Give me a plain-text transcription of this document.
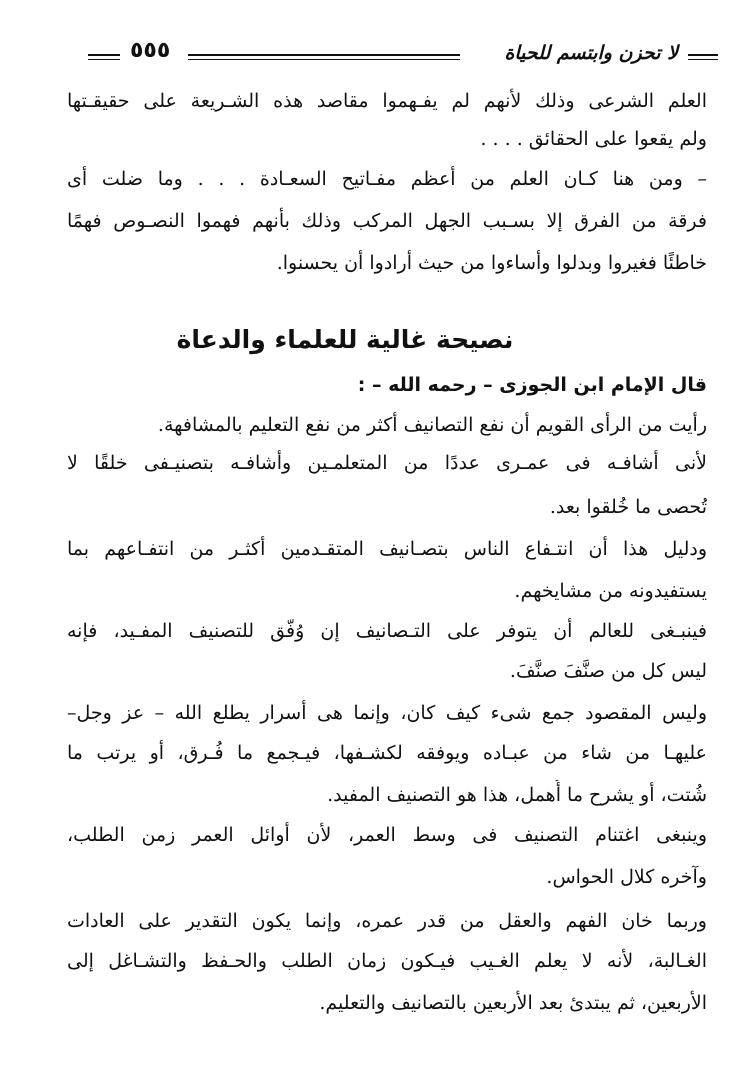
٥٥٥	لا تحزن وابتسم للحياة
العلم الشرعى وذلك لأنهم لم يفـهموا مقاصد هذه الشـريعة على حقيقـتها
ولم يقعوا على الحقائق . . . .
– ومن هنا كـان العلم من أعظم مفـاتيح السعـادة . . . وما ضلت أى
فرقة من الفرق إلا بسـبب الجهل المركب وذلك بأنهم فهموا النصـوص فهمًا
خاطئًا فغيروا وبدلوا وأساءوا من حيث أرادوا أن يحسنوا.
نصيحة غالية للعلماء والدعاة
قال الإمام ابن الجوزى – رحمه الله – :
رأيت من الرأى القويم أن نفع التصانيف أكثر من نفع التعليم بالمشافهة.
لأنى أشافـه فى عمـرى عددًا من المتعلمـين وأشافـه بتصنيـفى خلقًا لا
تُحصى ما خُلقوا بعد.
ودليل هذا أن انتـفاع الناس بتصـانيف المتقـدمين أكثـر من انتفـاعهم بما
يستفيدونه من مشايخهم.
فينبـغى للعالم أن يتوفر على التـصانيف إن وُفّق للتصنيف المفـيد، فإنه
ليس كل من صنَّفَ صنَّفَ.
وليس المقصود جمع شىء كيف كان، وإنما هى أسرار يطلع الله – عز وجل–
عليهـا من شاء من عبـاده ويوفقه لكشـفها، فيـجمع ما فُـرق، أو يرتب ما
شُتت، أو يشرح ما أُهمل، هذا هو التصنيف المفيد.
وينبغى اغتنام التصنيف فى وسط العمر، لأن أوائل العمر زمن الطلب،
وآخره كلال الحواس.
وربما خان الفهم والعقل من قدر عمره، وإنما يكون التقدير على العادات
الغـالبة، لأنه لا يعلم الغـيب فيـكون زمان الطلب والحـفظ والتشـاغل إلى
الأربعين، ثم يبتدئ بعد الأربعين بالتصانيف والتعليم.
